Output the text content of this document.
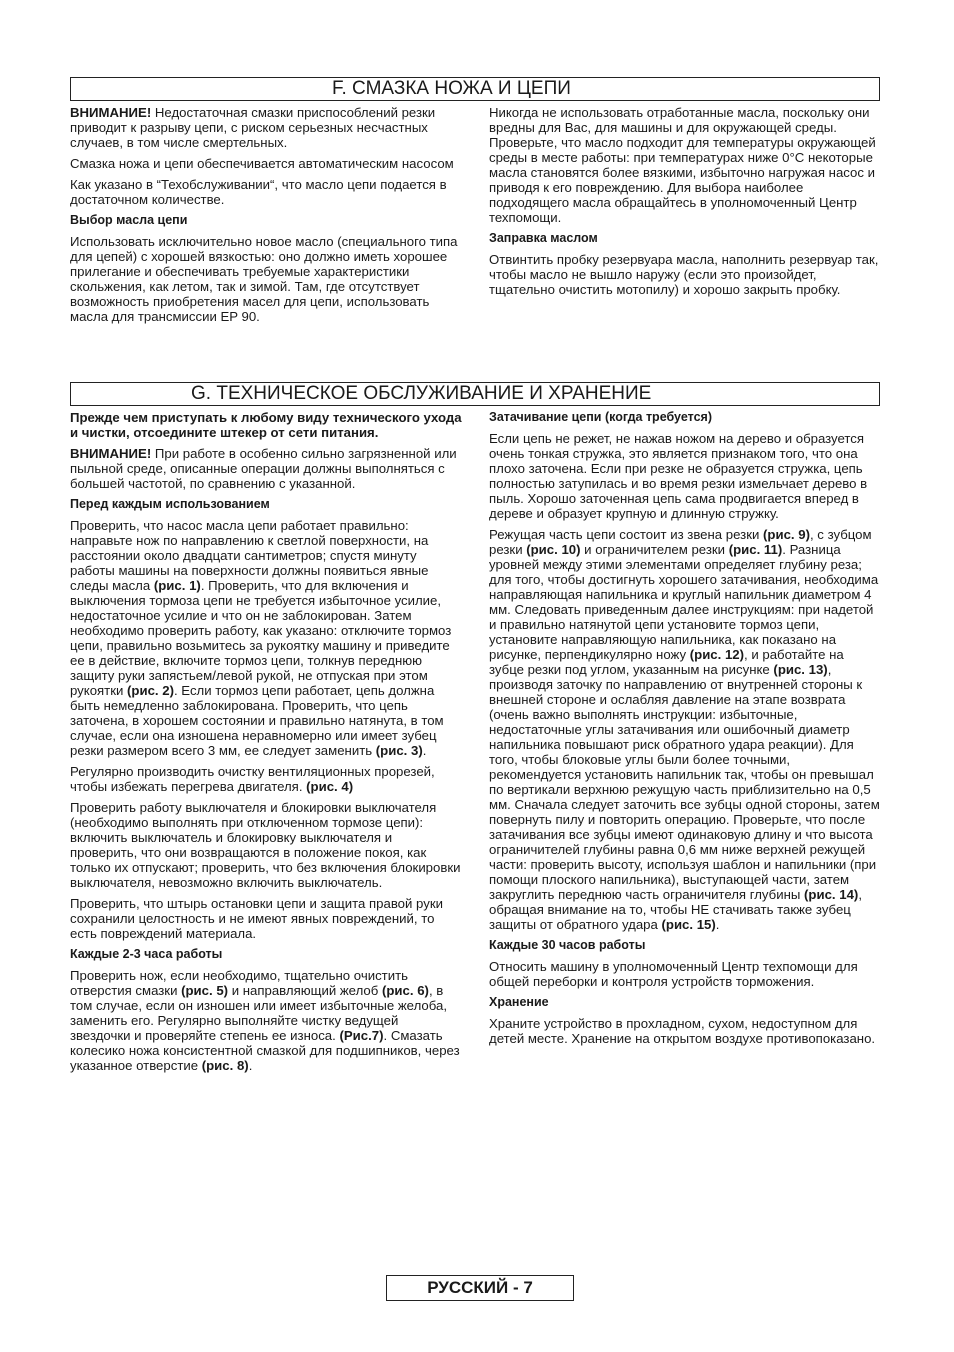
F. СМАЗКА НОЖА И ЦЕПИ

ВНИМАНИЕ! Недостаточная смазки приспособлений резки приводит к разрыву цепи, с риском серьезных несчастных случаев, в том числе смертельных.

Смазка ножа и цепи обеспечивается автоматическим насосом

Как указано в “Техобслуживании“, что масло цепи подается в достаточном количестве.

Выбор масла цепи

Использовать исключительно новое масло (специального типа для цепей) с хорошей вязкостью: оно должно иметь хорошее прилегание и обеспечивать требуемые характеристики скольжения, как летом, так и зимой. Там, где отсутствует возможность приобретения масел для цепи, использовать масла для трансмиссии EP 90.

Никогда не использовать отработанные масла, поскольку они вредны для Вас, для машины и для окружающей среды. Проверьте, что масло подходит для температуры окружающей среды в месте работы: при температурах ниже 0°С некоторые масла становятся более вязкими, избыточно нагружая насос и приводя к его повреждению. Для выбора наиболее подходящего масла обращайтесь в уполномоченный Центр техпомощи.

Заправка маслом

Отвинтить пробку резервуара масла, наполнить резервуар так, чтобы масло не вышло наружу (если это произойдет, тщательно очистить мотопилу) и хорошо закрыть пробку.

G. ТЕХНИЧЕСКОЕ ОБСЛУЖИВАНИЕ И ХРАНЕНИЕ

Прежде чем приступать к любому виду технического ухода и чистки, отсоедините штекер от сети питания.

ВНИМАНИЕ! При работе в особенно сильно загрязненной или пыльной среде, описанные операции должны выполняться с большей частотой, по сравнению с указанной.

Перед каждым использованием

Проверить, что насос масла цепи работает правильно: направьте нож по направлению к светлой поверхности, на расстоянии около двадцати сантиметров; спустя минуту работы машины на поверхности должны появиться явные следы масла (рис. 1). Проверить, что для включения и выключения тормоза цепи не требуется избыточное усилие, недостаточное усилие и что он не заблокирован. Затем необходимо проверить работу, как указано: отключите тормоз цепи, правильно возьмитесь за рукоятку машину и приведите ее в действие, включите тормоз цепи, толкнув переднюю защиту руки запястьем/левой рукой, не отпуская при этом рукоятки (рис. 2). Если тормоз цепи работает, цепь должна быть немедленно заблокирована. Проверить, что цепь заточена, в хорошем состоянии и правильно натянута, в том случае, если она изношена неравномерно или имеет зубец резки размером всего 3 мм, ее следует заменить (рис. 3).

Регулярно производить очистку вентиляционных прорезей, чтобы избежать перегрева двигателя. (рис. 4)

Проверить работу выключателя и блокировки выключателя (необходимо выполнять при отключенном тормозе цепи): включить выключатель и блокировку выключателя и проверить, что они возвращаются в положение покоя, как только их отпускают; проверить, что без включения блокировки выключателя, невозможно включить выключатель.

Проверить, что штырь остановки цепи и защита правой руки сохранили целостность и не имеют явных повреждений, то есть повреждений материала.

Каждые 2-3 часа работы

Проверить нож, если необходимо, тщательно очистить отверстия смазки (рис. 5) и направляющий желоб (рис. 6), в том случае, если он изношен или имеет избыточные желоба, заменить его. Регулярно выполняйте чистку ведущей звездочки и проверяйте степень ее износа. (Рис.7). Смазать колесико ножа консистентной смазкой для подшипников, через указанное отверстие (рис. 8).

Затачивание цепи (когда требуется)

Если цепь не режет, не нажав ножом на дерево и образуется очень тонкая стружка, это является признаком того, что она плохо заточена. Если при резке не образуется стружка, цепь полностью затупилась и во время резки измельчает дерево в пыль. Хорошо заточенная цепь сама продвигается вперед в дереве и образует крупную и длинную стружку.

Режущая часть цепи состоит из звена резки (рис. 9), с зубцом резки (рис. 10) и ограничителем резки (рис. 11). Разница уровней между этими элементами определяет глубину реза; для того, чтобы достигнуть хорошего затачивания, необходима направляющая напильника и круглый напильник диаметром 4 мм. Следовать приведенным далее инструкциям: при надетой и правильно натянутой цепи установите тормоз цепи, установите направляющую напильника, как показано на рисунке, перпендикулярно ножу (рис. 12), и работайте на зубце резки под углом, указанным на рисунке (рис. 13), производя заточку по направлению от внутренней стороны к внешней стороне и ослабляя давление на этапе возврата (очень важно выполнять инструкции: избыточные, недостаточные углы затачивания или ошибочный диаметр напильника повышают риск обратного удара реакции). Для того, чтобы блоковые углы были более точными, рекомендуется установить напильник так, чтобы он превышал по вертикали верхнюю режущую часть приблизительно на 0,5 мм. Сначала следует заточить все зубцы одной стороны, затем повернуть пилу и повторить операцию. Проверьте, что после затачивания все зубцы имеют одинаковую длину и что высота ограничителей глубины равна 0,6 мм ниже верхней режущей части: проверить высоту, используя шаблон и напильники (при помощи плоского напильника), выступающей части, затем закруглить переднюю часть ограничителя глубины (рис. 14), обращая внимание на то, чтобы НЕ стачивать также зубец защиты от обратного удара (рис. 15).

Каждые 30 часов работы

Относить машину в уполномоченный Центр техпомощи для общей переборки и контроля устройств торможения.

Хранение

Храните устройство в прохладном, сухом, недоступном для детей месте. Хранение на открытом воздухе противопоказано.

РУССКИЙ - 7
